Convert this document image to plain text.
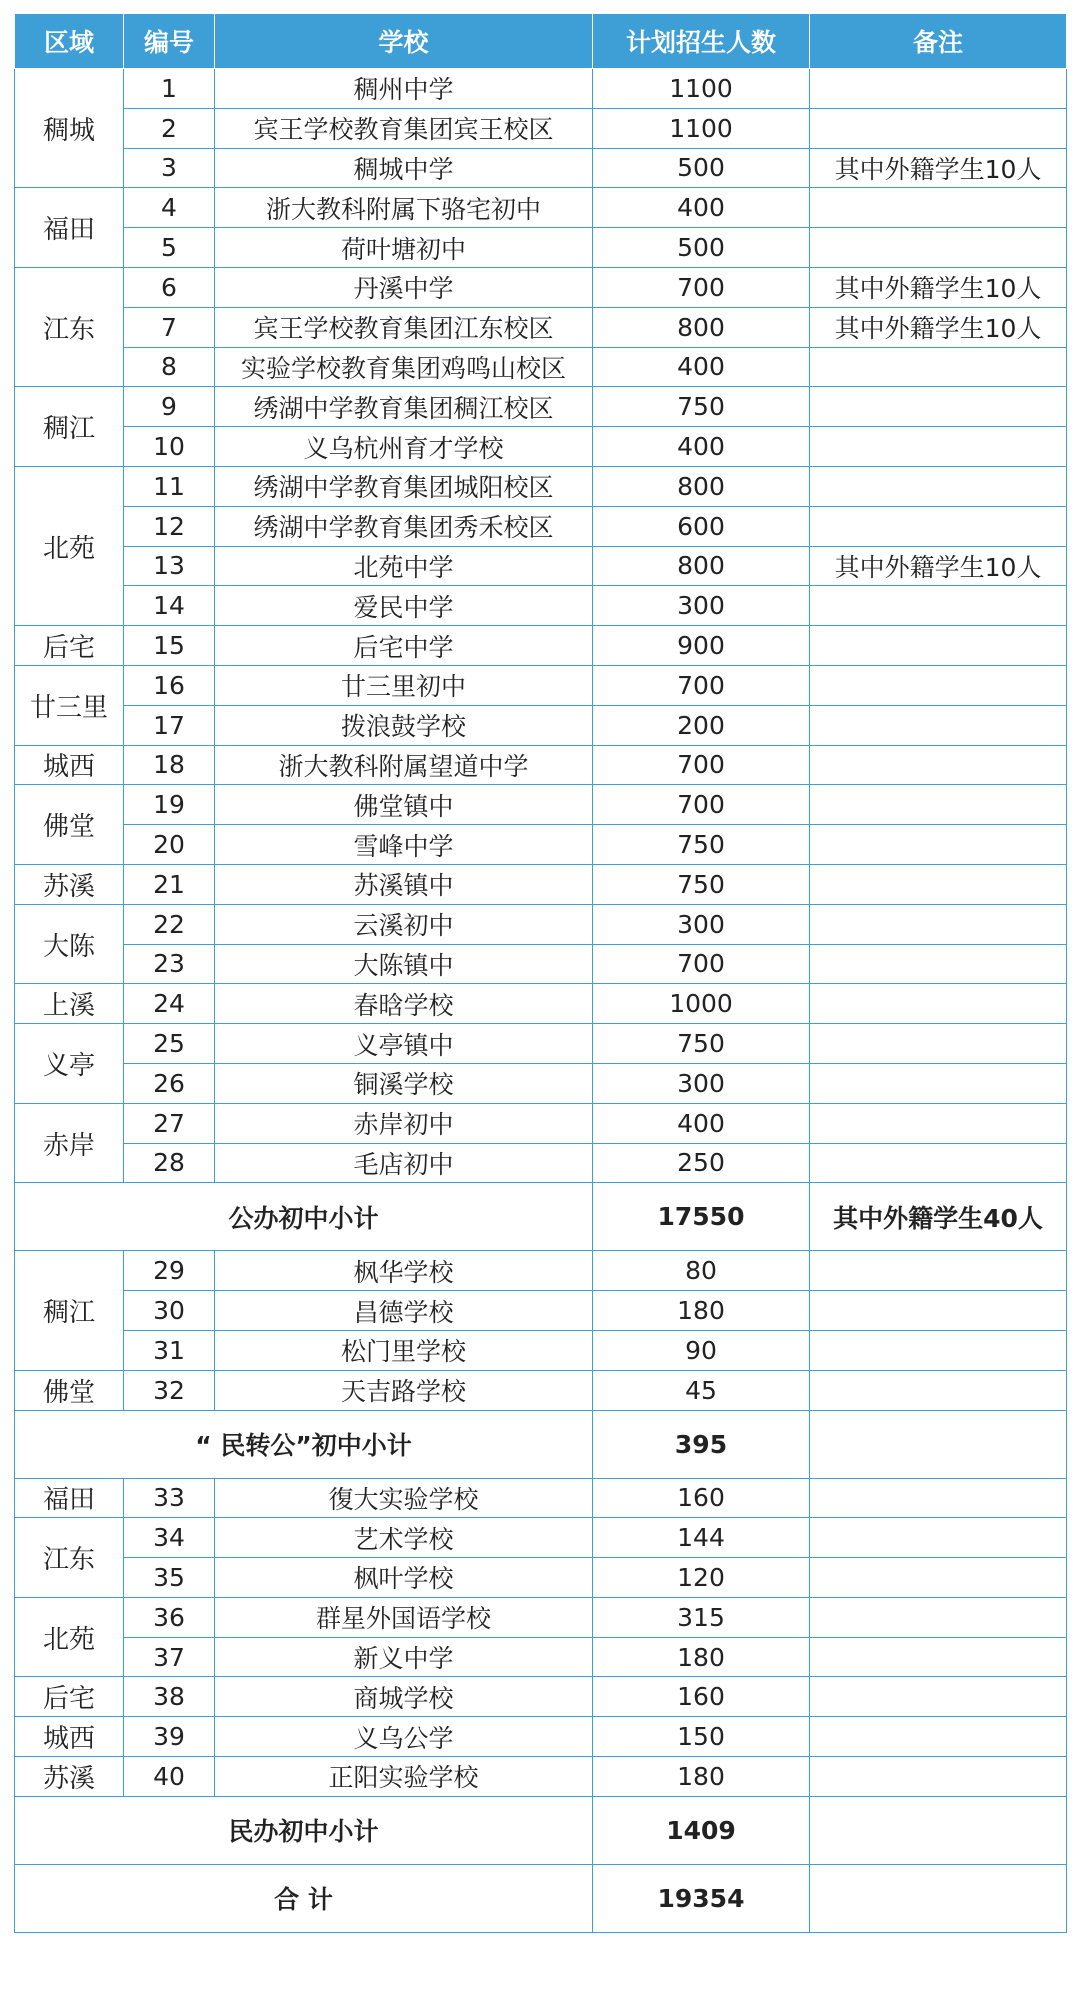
区域	编号	学校	计划招生人数	备注
稠城	1	稠州中学	1100	
	2	宾王学校教育集团宾王校区	1100	
	3	稠城中学	500	其中外籍学生10人
福田	4	浙大教科附属下骆宅初中	400	
	5	荷叶塘初中	500	
江东	6	丹溪中学	700	其中外籍学生10人
	7	宾王学校教育集团江东校区	800	其中外籍学生10人
	8	实验学校教育集团鸡鸣山校区	400	
稠江	9	绣湖中学教育集团稠江校区	750	
	10	义乌杭州育才学校	400	
北苑	11	绣湖中学教育集团城阳校区	800	
	12	绣湖中学教育集团秀禾校区	600	
	13	北苑中学	800	其中外籍学生10人
	14	爱民中学	300	
后宅	15	后宅中学	900	
廿三里	16	廿三里初中	700	
	17	拨浪鼓学校	200	
城西	18	浙大教科附属望道中学	700	
佛堂	19	佛堂镇中	700	
	20	雪峰中学	750	
苏溪	21	苏溪镇中	750	
大陈	22	云溪初中	300	
	23	大陈镇中	700	
上溪	24	春晗学校	1000	
义亭	25	义亭镇中	750	
	26	铜溪学校	300	
赤岸	27	赤岸初中	400	
	28	毛店初中	250	
公办初中小计			17550	其中外籍学生40人
稠江	29	枫华学校	80	
	30	昌德学校	180	
	31	松门里学校	90	
佛堂	32	天吉路学校	45	
“ 民转公”初中小计			395	
福田	33	復大实验学校	160	
江东	34	艺术学校	144	
	35	枫叶学校	120	
北苑	36	群星外国语学校	315	
	37	新义中学	180	
后宅	38	商城学校	160	
城西	39	义乌公学	150	
苏溪	40	正阳实验学校	180	
民办初中小计			1409	
合 计			19354	
